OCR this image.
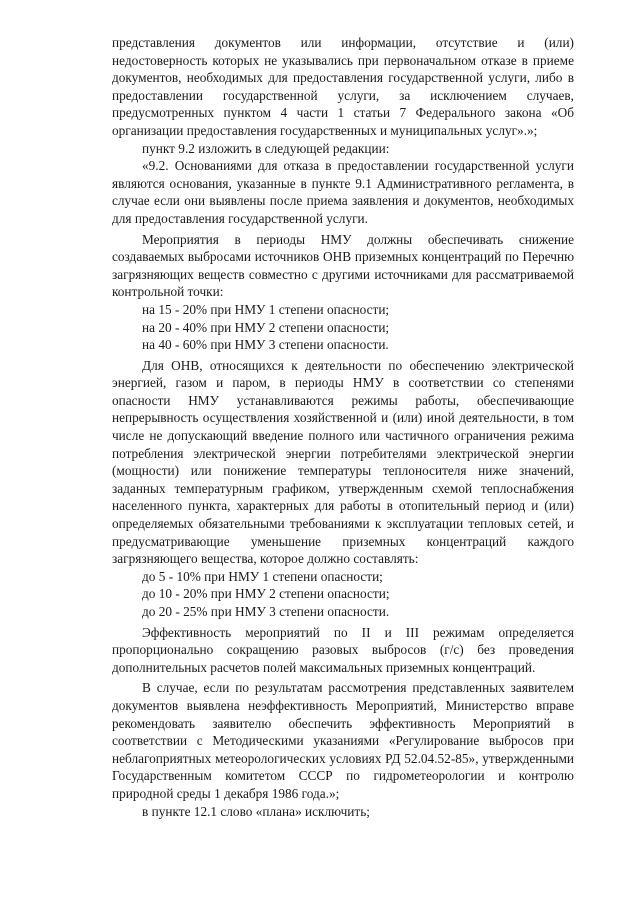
представления документов или информации, отсутствие и (или) недостоверность которых не указывались при первоначальном отказе в приеме документов, необходимых для предоставления государственной услуги, либо в предоставлении государственной услуги, за исключением случаев, предусмотренных пунктом 4 части 1 статьи 7 Федерального закона «Об организации предоставления государственных и муниципальных услуг».»;

пункт 9.2 изложить в следующей редакции:

«9.2. Основаниями для отказа в предоставлении государственной услуги являются основания, указанные в пункте 9.1 Административного регламента, в случае если они выявлены после приема заявления и документов, необходимых для предоставления государственной услуги.

Мероприятия в периоды НМУ должны обеспечивать снижение создаваемых выбросами источников ОНВ приземных концентраций по Перечню загрязняющих веществ совместно с другими источниками для рассматриваемой контрольной точки:

на 15 - 20% при НМУ 1 степени опасности;

на 20 - 40% при НМУ 2 степени опасности;

на 40 - 60% при НМУ 3 степени опасности.

Для ОНВ, относящихся к деятельности по обеспечению электрической энергией, газом и паром, в периоды НМУ в соответствии со степенями опасности НМУ устанавливаются режимы работы, обеспечивающие непрерывность осуществления хозяйственной и (или) иной деятельности, в том числе не допускающий введение полного или частичного ограничения режима потребления электрической энергии потребителями электрической энергии (мощности) или понижение температуры теплоносителя ниже значений, заданных температурным графиком, утвержденным схемой теплоснабжения населенного пункта, характерных для работы в отопительный период и (или) определяемых обязательными требованиями к эксплуатации тепловых сетей, и предусматривающие уменьшение приземных концентраций каждого загрязняющего вещества, которое должно составлять:

до 5 - 10% при НМУ 1 степени опасности;

до 10 - 20% при НМУ 2 степени опасности;

до 20 - 25% при НМУ 3 степени опасности.

Эффективность мероприятий по II и III режимам определяется пропорционально сокращению разовых выбросов (г/с) без проведения дополнительных расчетов полей максимальных приземных концентраций.

В случае, если по результатам рассмотрения представленных заявителем документов выявлена неэффективность Мероприятий, Министерство вправе рекомендовать заявителю обеспечить эффективность Мероприятий в соответствии с Методическими указаниями «Регулирование выбросов при неблагоприятных метеорологических условиях РД 52.04.52-85», утвержденными Государственным комитетом СССР по гидрометеорологии и контролю природной среды 1 декабря 1986 года.»;

в пункте 12.1 слово «плана» исключить;
